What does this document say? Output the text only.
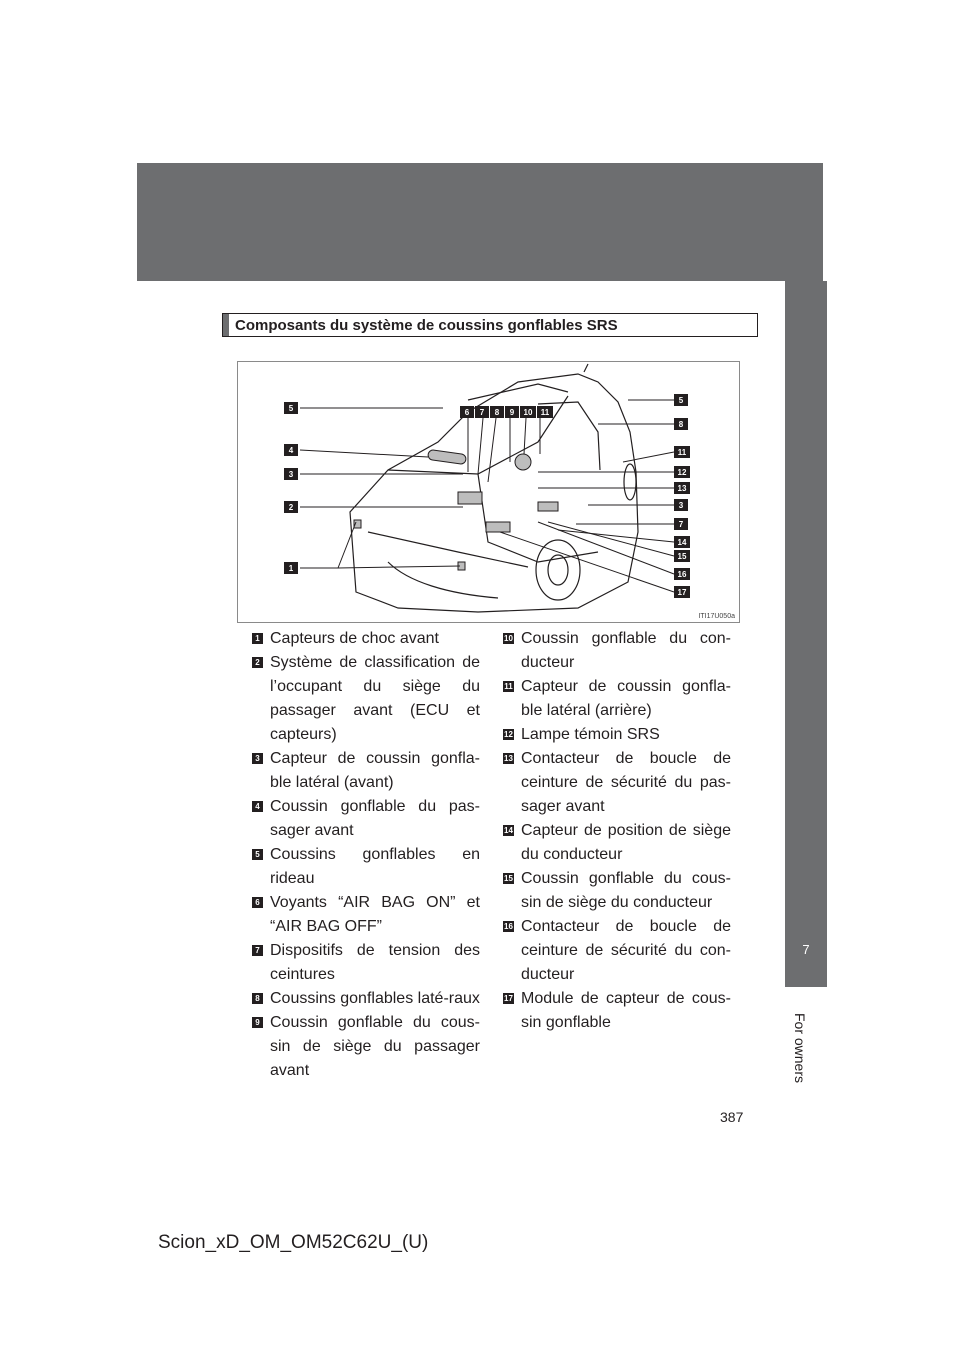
7
For owners
Composants du système de coussins gonflables SRS
5
4
3
2
1
6 7 8 9 10 11
5
8
11
12
13
3
7
14
15
16
17
ITI17U050a
1 Capteurs de choc avant
2 Système de classification de l’occupant du siège du passager avant (ECU et capteurs)
3 Capteur de coussin gonfla-ble latéral (avant)
4 Coussin gonflable du pas-sager avant
5 Coussins gonflables en rideau
6 Voyants “AIR BAG ON” et “AIR BAG OFF”
7 Dispositifs de tension des ceintures
8 Coussins gonflables laté-raux
9 Coussin gonflable du cous-sin de siège du passager avant
10 Coussin gonflable du con-ducteur
11 Capteur de coussin gonfla-ble latéral (arrière)
12 Lampe témoin SRS
13 Contacteur de boucle de ceinture de sécurité du pas-sager avant
14 Capteur de position de siège du conducteur
15 Coussin gonflable du cous-sin de siège du conducteur
16 Contacteur de boucle de ceinture de sécurité du con-ducteur
17 Module de capteur de cous-sin gonflable
387
Scion_xD_OM_OM52C62U_(U)
